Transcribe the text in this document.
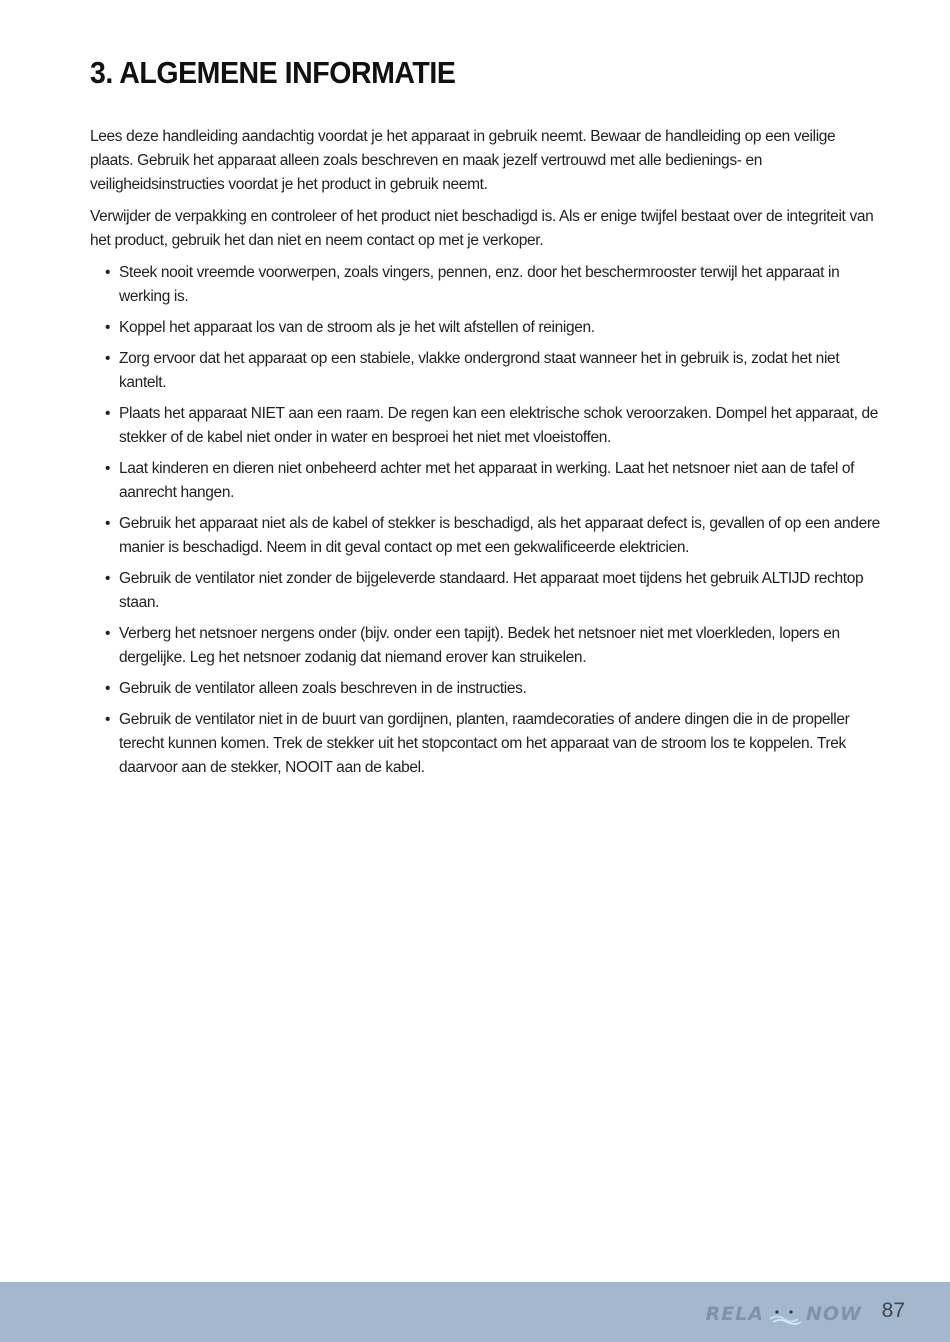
3. ALGEMENE INFORMATIE

Lees deze handleiding aandachtig voordat je het apparaat in gebruik neemt. Bewaar de handleiding op een veilige plaats. Gebruik het apparaat alleen zoals beschreven en maak jezelf vertrouwd met alle bedienings- en veiligheidsinstructies voordat je het product in gebruik neemt.

Verwijder de verpakking en controleer of het product niet beschadigd is. Als er enige twijfel bestaat over de integriteit van het product, gebruik het dan niet en neem contact op met je verkoper.

• Steek nooit vreemde voorwerpen, zoals vingers, pennen, enz. door het beschermrooster terwijl het apparaat in werking is.
• Koppel het apparaat los van de stroom als je het wilt afstellen of reinigen.
• Zorg ervoor dat het apparaat op een stabiele, vlakke ondergrond staat wanneer het in gebruik is, zodat het niet kantelt.
• Plaats het apparaat NIET aan een raam. De regen kan een elektrische schok veroorzaken. Dompel het apparaat, de stekker of de kabel niet onder in water en besproei het niet met vloeistoffen.
• Laat kinderen en dieren niet onbeheerd achter met het apparaat in werking. Laat het netsnoer niet aan de tafel of aanrecht hangen.
• Gebruik het apparaat niet als de kabel of stekker is beschadigd, als het apparaat defect is, gevallen of op een andere manier is beschadigd. Neem in dit geval contact op met een gekwalificeerde elektricien.
• Gebruik de ventilator niet zonder de bijgeleverde standaard. Het apparaat moet tijdens het gebruik ALTIJD rechtop staan.
• Verberg het netsnoer nergens onder (bijv. onder een tapijt). Bedek het netsnoer niet met vloerkleden, lopers en dergelijke. Leg het netsnoer zodanig dat niemand erover kan struikelen.
• Gebruik de ventilator alleen zoals beschreven in de instructies.
• Gebruik de ventilator niet in de buurt van gordijnen, planten, raamdecoraties of andere dingen die in de propeller terecht kunnen komen. Trek de stekker uit het stopcontact om het apparaat van de stroom los te koppelen. Trek daarvoor aan de stekker, NOOIT aan de kabel.
RELA NOW 87
